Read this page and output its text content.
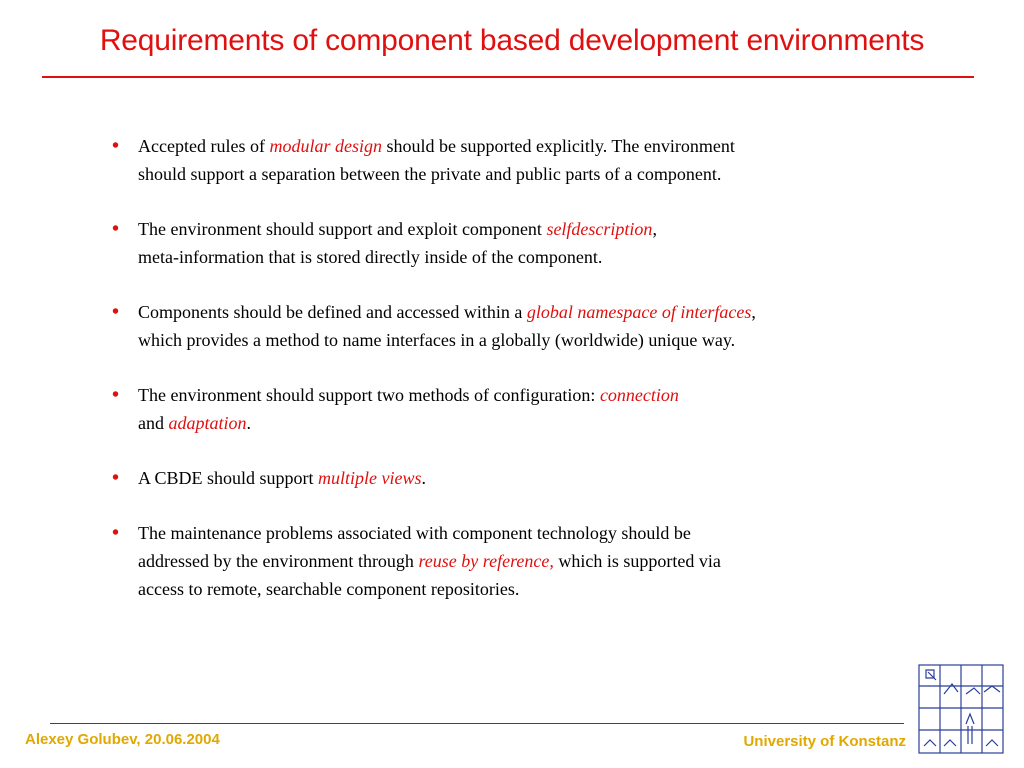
Requirements of component based development environments
• Accepted rules of modular design should be supported explicitly. The environment
should support a separation between the private and public parts of a component.
• The environment should support and exploit component selfdescription,
meta-information that is stored directly inside of the component.
• Components should be defined and accessed within a global namespace of interfaces,
which provides a method to name interfaces in a globally (worldwide) unique way.
• The environment should support two methods of configuration: connection
and adaptation.
• A CBDE should support multiple views.
• The maintenance problems associated with component technology should be
addressed by the environment through reuse by reference, which is supported via
access to remote, searchable component repositories.
Alexey Golubev, 20.06.2004	University of Konstanz
